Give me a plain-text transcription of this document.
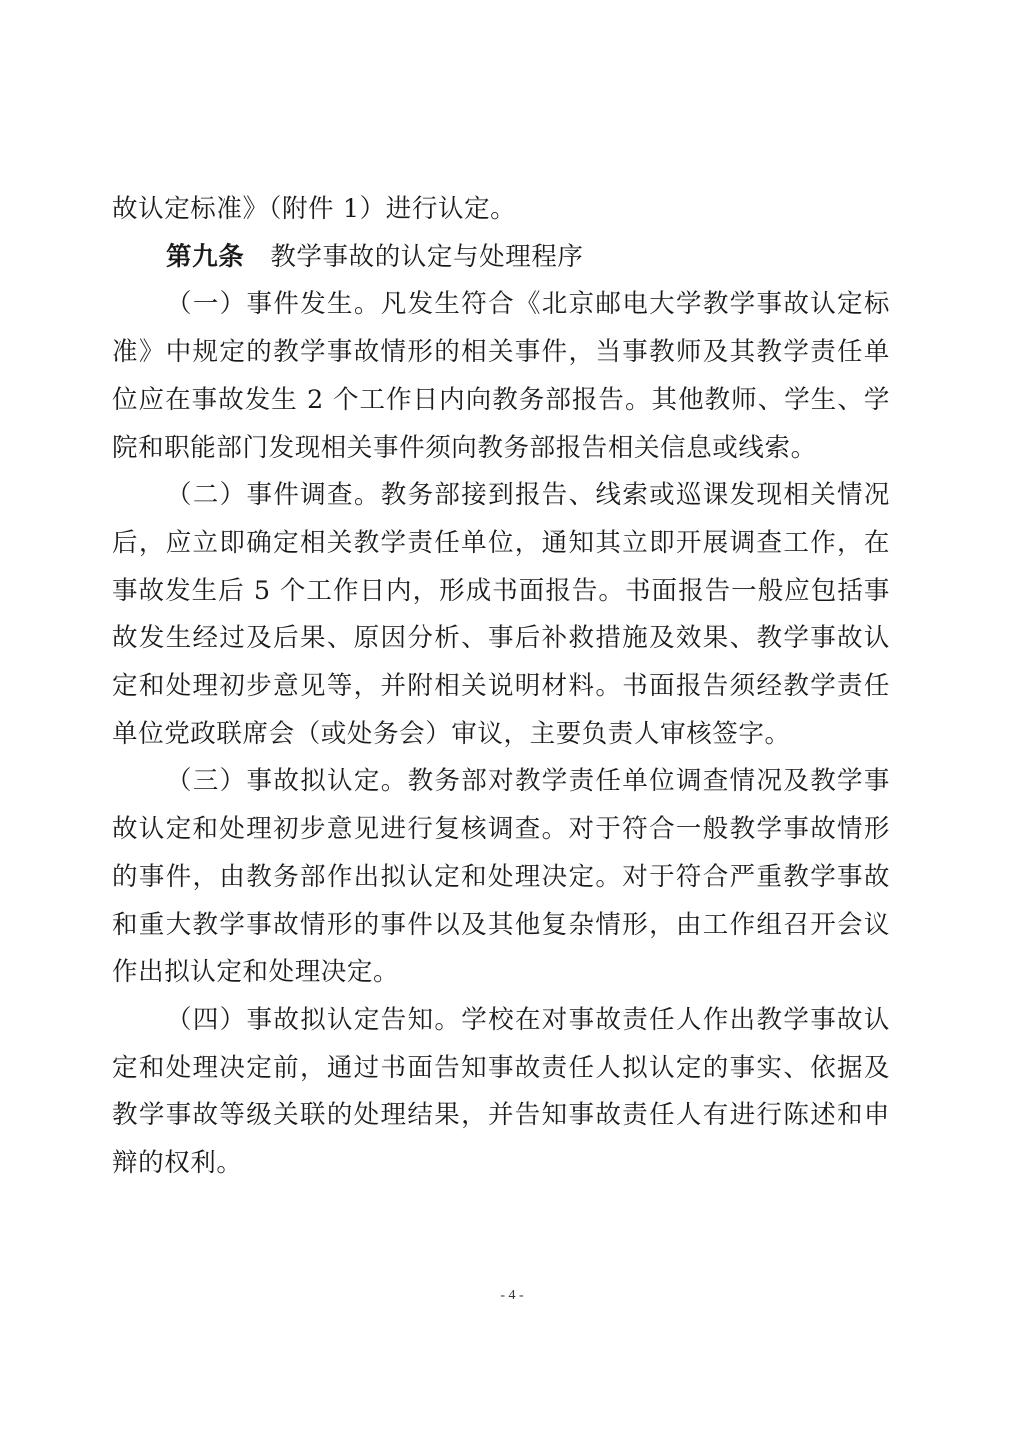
故认定标准》（附件 1）进行认定。

第九条 教学事故的认定与处理程序

（一）事件发生。凡发生符合《北京邮电大学教学事故认定标准》中规定的教学事故情形的相关事件，当事教师及其教学责任单位应在事故发生 2 个工作日内向教务部报告。其他教师、学生、学院和职能部门发现相关事件须向教务部报告相关信息或线索。

（二）事件调查。教务部接到报告、线索或巡课发现相关情况后，应立即确定相关教学责任单位，通知其立即开展调查工作，在事故发生后 5 个工作日内，形成书面报告。书面报告一般应包括事故发生经过及后果、原因分析、事后补救措施及效果、教学事故认定和处理初步意见等，并附相关说明材料。书面报告须经教学责任单位党政联席会（或处务会）审议，主要负责人审核签字。

（三）事故拟认定。教务部对教学责任单位调查情况及教学事故认定和处理初步意见进行复核调查。对于符合一般教学事故情形的事件，由教务部作出拟认定和处理决定。对于符合严重教学事故和重大教学事故情形的事件以及其他复杂情形，由工作组召开会议作出拟认定和处理决定。

（四）事故拟认定告知。学校在对事故责任人作出教学事故认定和处理决定前，通过书面告知事故责任人拟认定的事实、依据及教学事故等级关联的处理结果，并告知事故责任人有进行陈述和申辩的权利。

- 4 -
